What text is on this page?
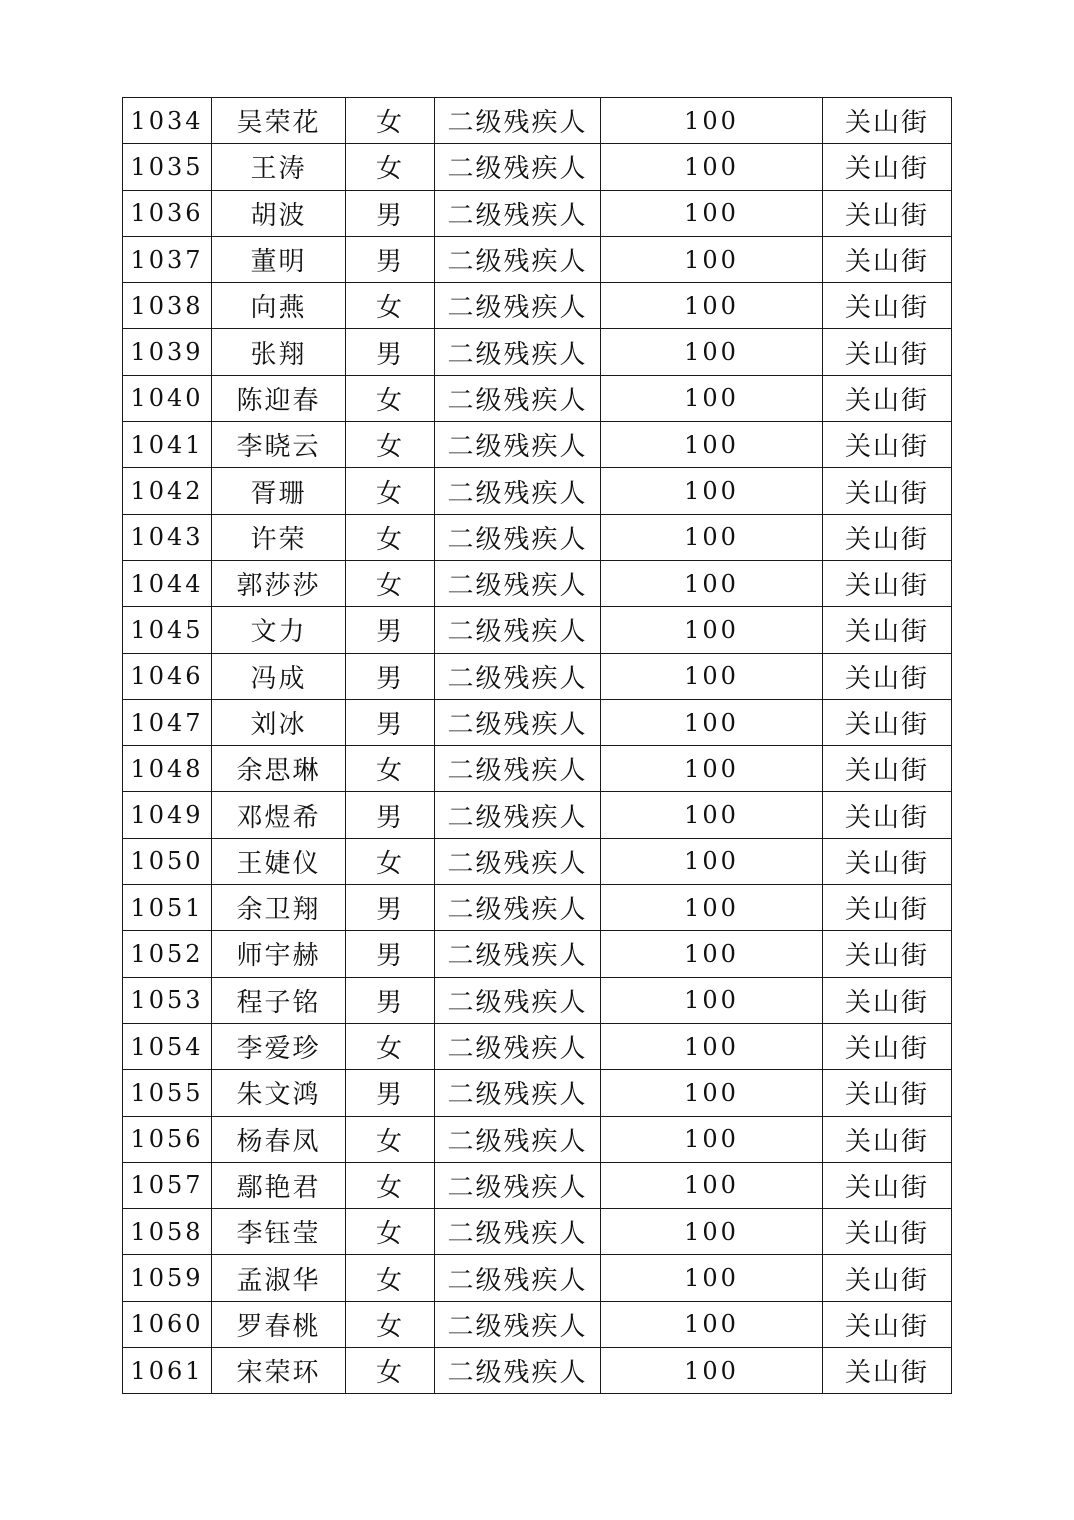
1034	吴荣花	女	二级残疾人	100	关山街
1035	王涛	女	二级残疾人	100	关山街
1036	胡波	男	二级残疾人	100	关山街
1037	董明	男	二级残疾人	100	关山街
1038	向燕	女	二级残疾人	100	关山街
1039	张翔	男	二级残疾人	100	关山街
1040	陈迎春	女	二级残疾人	100	关山街
1041	李晓云	女	二级残疾人	100	关山街
1042	胥珊	女	二级残疾人	100	关山街
1043	许荣	女	二级残疾人	100	关山街
1044	郭莎莎	女	二级残疾人	100	关山街
1045	文力	男	二级残疾人	100	关山街
1046	冯成	男	二级残疾人	100	关山街
1047	刘冰	男	二级残疾人	100	关山街
1048	余思琳	女	二级残疾人	100	关山街
1049	邓煜希	男	二级残疾人	100	关山街
1050	王婕仪	女	二级残疾人	100	关山街
1051	余卫翔	男	二级残疾人	100	关山街
1052	师宇赫	男	二级残疾人	100	关山街
1053	程子铭	男	二级残疾人	100	关山街
1054	李爱珍	女	二级残疾人	100	关山街
1055	朱文鸿	男	二级残疾人	100	关山街
1056	杨春凤	女	二级残疾人	100	关山街
1057	鄢艳君	女	二级残疾人	100	关山街
1058	李钰莹	女	二级残疾人	100	关山街
1059	孟淑华	女	二级残疾人	100	关山街
1060	罗春桃	女	二级残疾人	100	关山街
1061	宋荣环	女	二级残疾人	100	关山街
